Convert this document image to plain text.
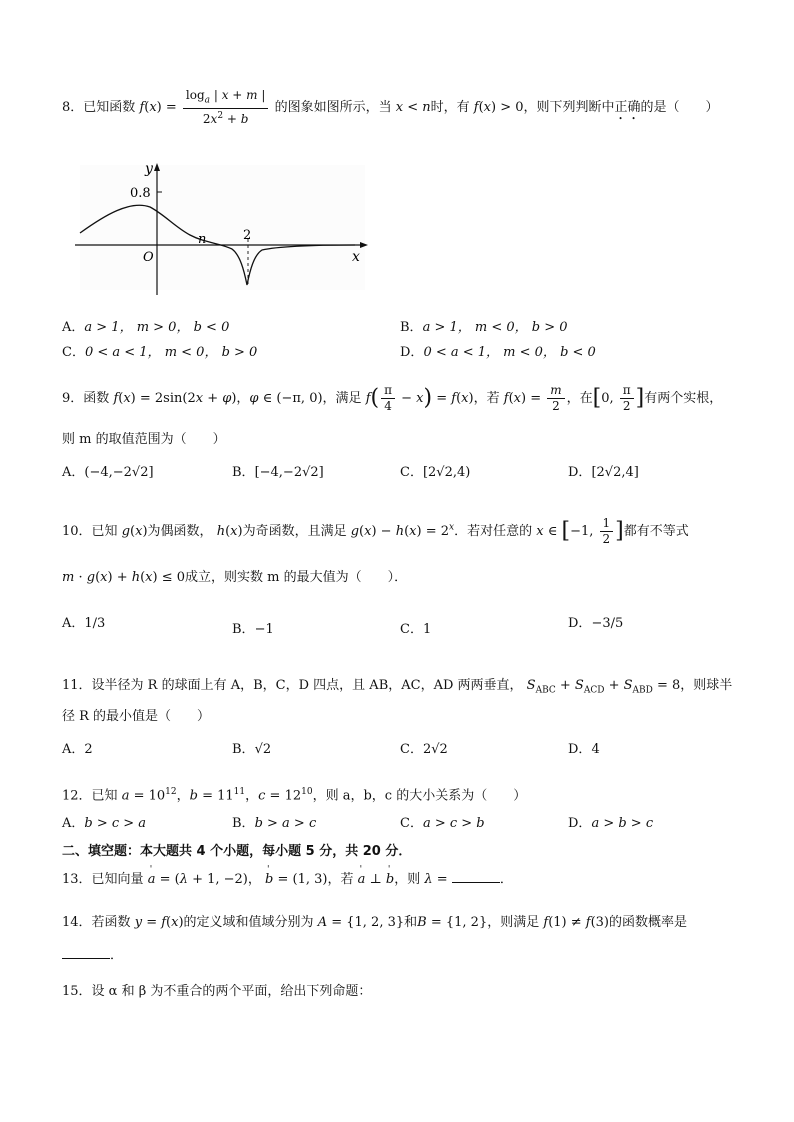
8．已知函数 $f(x) = \frac{\log_a | x + m |}{2x^2 + b}$ 的图象如图所示，当 x < n时，有 f(x) > 0，则下列判断中正确的是（　　）
y
0.8
O
n	2
x
A．a > 1， m > 0， b < 0	B．a > 1， m < 0， b > 0
C．0 < a < 1， m < 0， b > 0	D．0 < a < 1， m < 0， b < 0
9．函数 f(x) = 2sin(2x + φ)，φ ∈ (−π, 0)，满足 $f( \frac{\pi}{4} - x) = f(x)$，若 $f(x) = \frac{m}{2}$ ，在[0, $\frac{\pi}{2}$ ]有两个实根，
则 m 的取值范围为（　　）
A．(−4,−2√2]	B．[−4,−2√2]	C．[2√2,4)	D．[2√2,4]
10．已知 g(x)为偶函数， h(x)为奇函数，且满足 $g(x) - h(x) = 2^x$．若对任意的 x ∈ [−1, $\frac{1}{2}$ ]都有不等式
m · g(x) + h(x) ≤ 0成立，则实数 m 的最大值为（　　）．
A．1/3	B．−1	C．1	D．−3/5
11．设半径为 R 的球面上有 A，B，C，D 四点，且 AB，AC，AD 两两垂直， $S_{ABC} + S_{ACD} + S_{ABD} = 8$，则球半
径 R 的最小值是（　　）
A．2	B．√2	C．2√2	D．4
12．已知 $a = 10^{12}$，$b = 11^{11}$，$c = 12^{10}$，则 a，b，c 的大小关系为（　　）
A．b > c > a	B．b > a > c	C．a > c > b	D．a > b > c
二、填空题：本大题共 4 个小题，每小题 5 分，共 20 分．
13．已知向量 ' a = (λ + 1, −2)， ' b = (1, 3)，若 ' a ⊥ ' b，则 λ =	．
14．若函数 y = f(x)的定义域和值域分别为 A = {1, 2, 3}和B = {1, 2}，则满足 f(1) ≠ f(3)的函数概率是
．
15．设 α 和 β 为不重合的两个平面，给出下列命题：
